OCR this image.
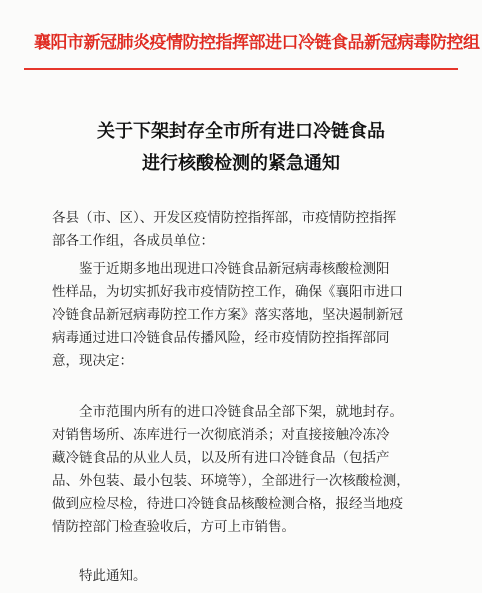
襄阳市新冠肺炎疫情防控指挥部进口冷链食品新冠病毒防控组
关于下架封存全市所有进口冷链食品
进行核酸检测的紧急通知
各县（市、区）、开发区疫情防控指挥部，市疫情防控指挥
部各工作组，各成员单位：
鉴于近期多地出现进口冷链食品新冠病毒核酸检测阳
性样品，为切实抓好我市疫情防控工作，确保《襄阳市进口
冷链食品新冠病毒防控工作方案》落实落地，坚决遏制新冠
病毒通过进口冷链食品传播风险，经市疫情防控指挥部同
意，现决定：
全市范围内所有的进口冷链食品全部下架，就地封存。
对销售场所、冻库进行一次彻底消杀；对直接接触冷冻冷
藏冷链食品的从业人员，以及所有进口冷链食品（包括产
品、外包装、最小包装、环境等），全部进行一次核酸检测，
做到应检尽检，待进口冷链食品核酸检测合格，报经当地疫
情防控部门检查验收后，方可上市销售。
特此通知。
